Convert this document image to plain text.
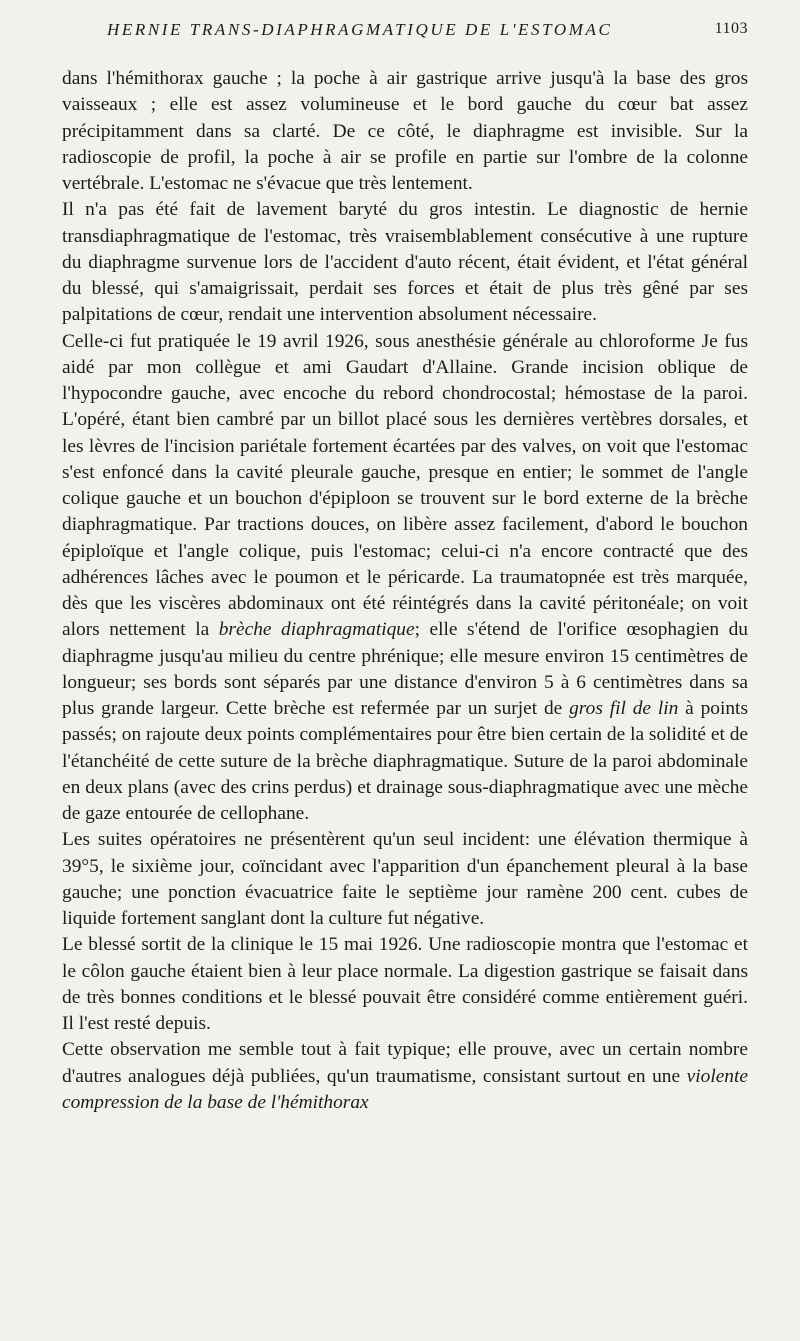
HERNIE TRANS-DIAPHRAGMATIQUE DE L'ESTOMAC	1103

dans l'hémithorax gauche ; la poche à air gastrique arrive jusqu'à la base des gros vaisseaux ; elle est assez volumineuse et le bord gauche du cœur bat assez précipitamment dans sa clarté. De ce côté, le diaphragme est invisible. Sur la radioscopie de profil, la poche à air se profile en partie sur l'ombre de la colonne vertébrale. L'estomac ne s'évacue que très lentement.

Il n'a pas été fait de lavement baryté du gros intestin. Le diagnostic de hernie transdiaphragmatique de l'estomac, très vraisemblablement consécutive à une rupture du diaphragme survenue lors de l'accident d'auto récent, était évident, et l'état général du blessé, qui s'amaigrissait, perdait ses forces et était de plus très gêné par ses palpitations de cœur, rendait une intervention absolument nécessaire.

Celle-ci fut pratiquée le 19 avril 1926, sous anesthésie générale au chloroforme Je fus aidé par mon collègue et ami Gaudart d'Allaine. Grande incision oblique de l'hypocondre gauche, avec encoche du rebord chondrocostal; hémostase de la paroi. L'opéré, étant bien cambré par un billot placé sous les dernières vertèbres dorsales, et les lèvres de l'incision pariétale fortement écartées par des valves, on voit que l'estomac s'est enfoncé dans la cavité pleurale gauche, presque en entier; le sommet de l'angle colique gauche et un bouchon d'épiploon se trouvent sur le bord externe de la brèche diaphragmatique. Par tractions douces, on libère assez facilement, d'abord le bouchon épiploïque et l'angle colique, puis l'estomac; celui-ci n'a encore contracté que des adhérences lâches avec le poumon et le péricarde. La traumatopnée est très marquée, dès que les viscères abdominaux ont été réintégrés dans la cavité péritonéale; on voit alors nettement la brèche diaphragmatique; elle s'étend de l'orifice œsophagien du diaphragme jusqu'au milieu du centre phrénique; elle mesure environ 15 centimètres de longueur; ses bords sont séparés par une distance d'environ 5 à 6 centimètres dans sa plus grande largeur. Cette brèche est refermée par un surjet de gros fil de lin à points passés; on rajoute deux points complémentaires pour être bien certain de la solidité et de l'étanchéité de cette suture de la brèche diaphragmatique. Suture de la paroi abdominale en deux plans (avec des crins perdus) et drainage sous-diaphragmatique avec une mèche de gaze entourée de cellophane.

Les suites opératoires ne présentèrent qu'un seul incident: une élévation thermique à 39°5, le sixième jour, coïncidant avec l'apparition d'un épanchement pleural à la base gauche; une ponction évacuatrice faite le septième jour ramène 200 cent. cubes de liquide fortement sanglant dont la culture fut négative.

Le blessé sortit de la clinique le 15 mai 1926. Une radioscopie montra que l'estomac et le côlon gauche étaient bien à leur place normale. La digestion gastrique se faisait dans de très bonnes conditions et le blessé pouvait être considéré comme entièrement guéri. Il l'est resté depuis.

Cette observation me semble tout à fait typique; elle prouve, avec un certain nombre d'autres analogues déjà publiées, qu'un traumatisme, consistant surtout en une violente compression de la base de l'hémithorax
